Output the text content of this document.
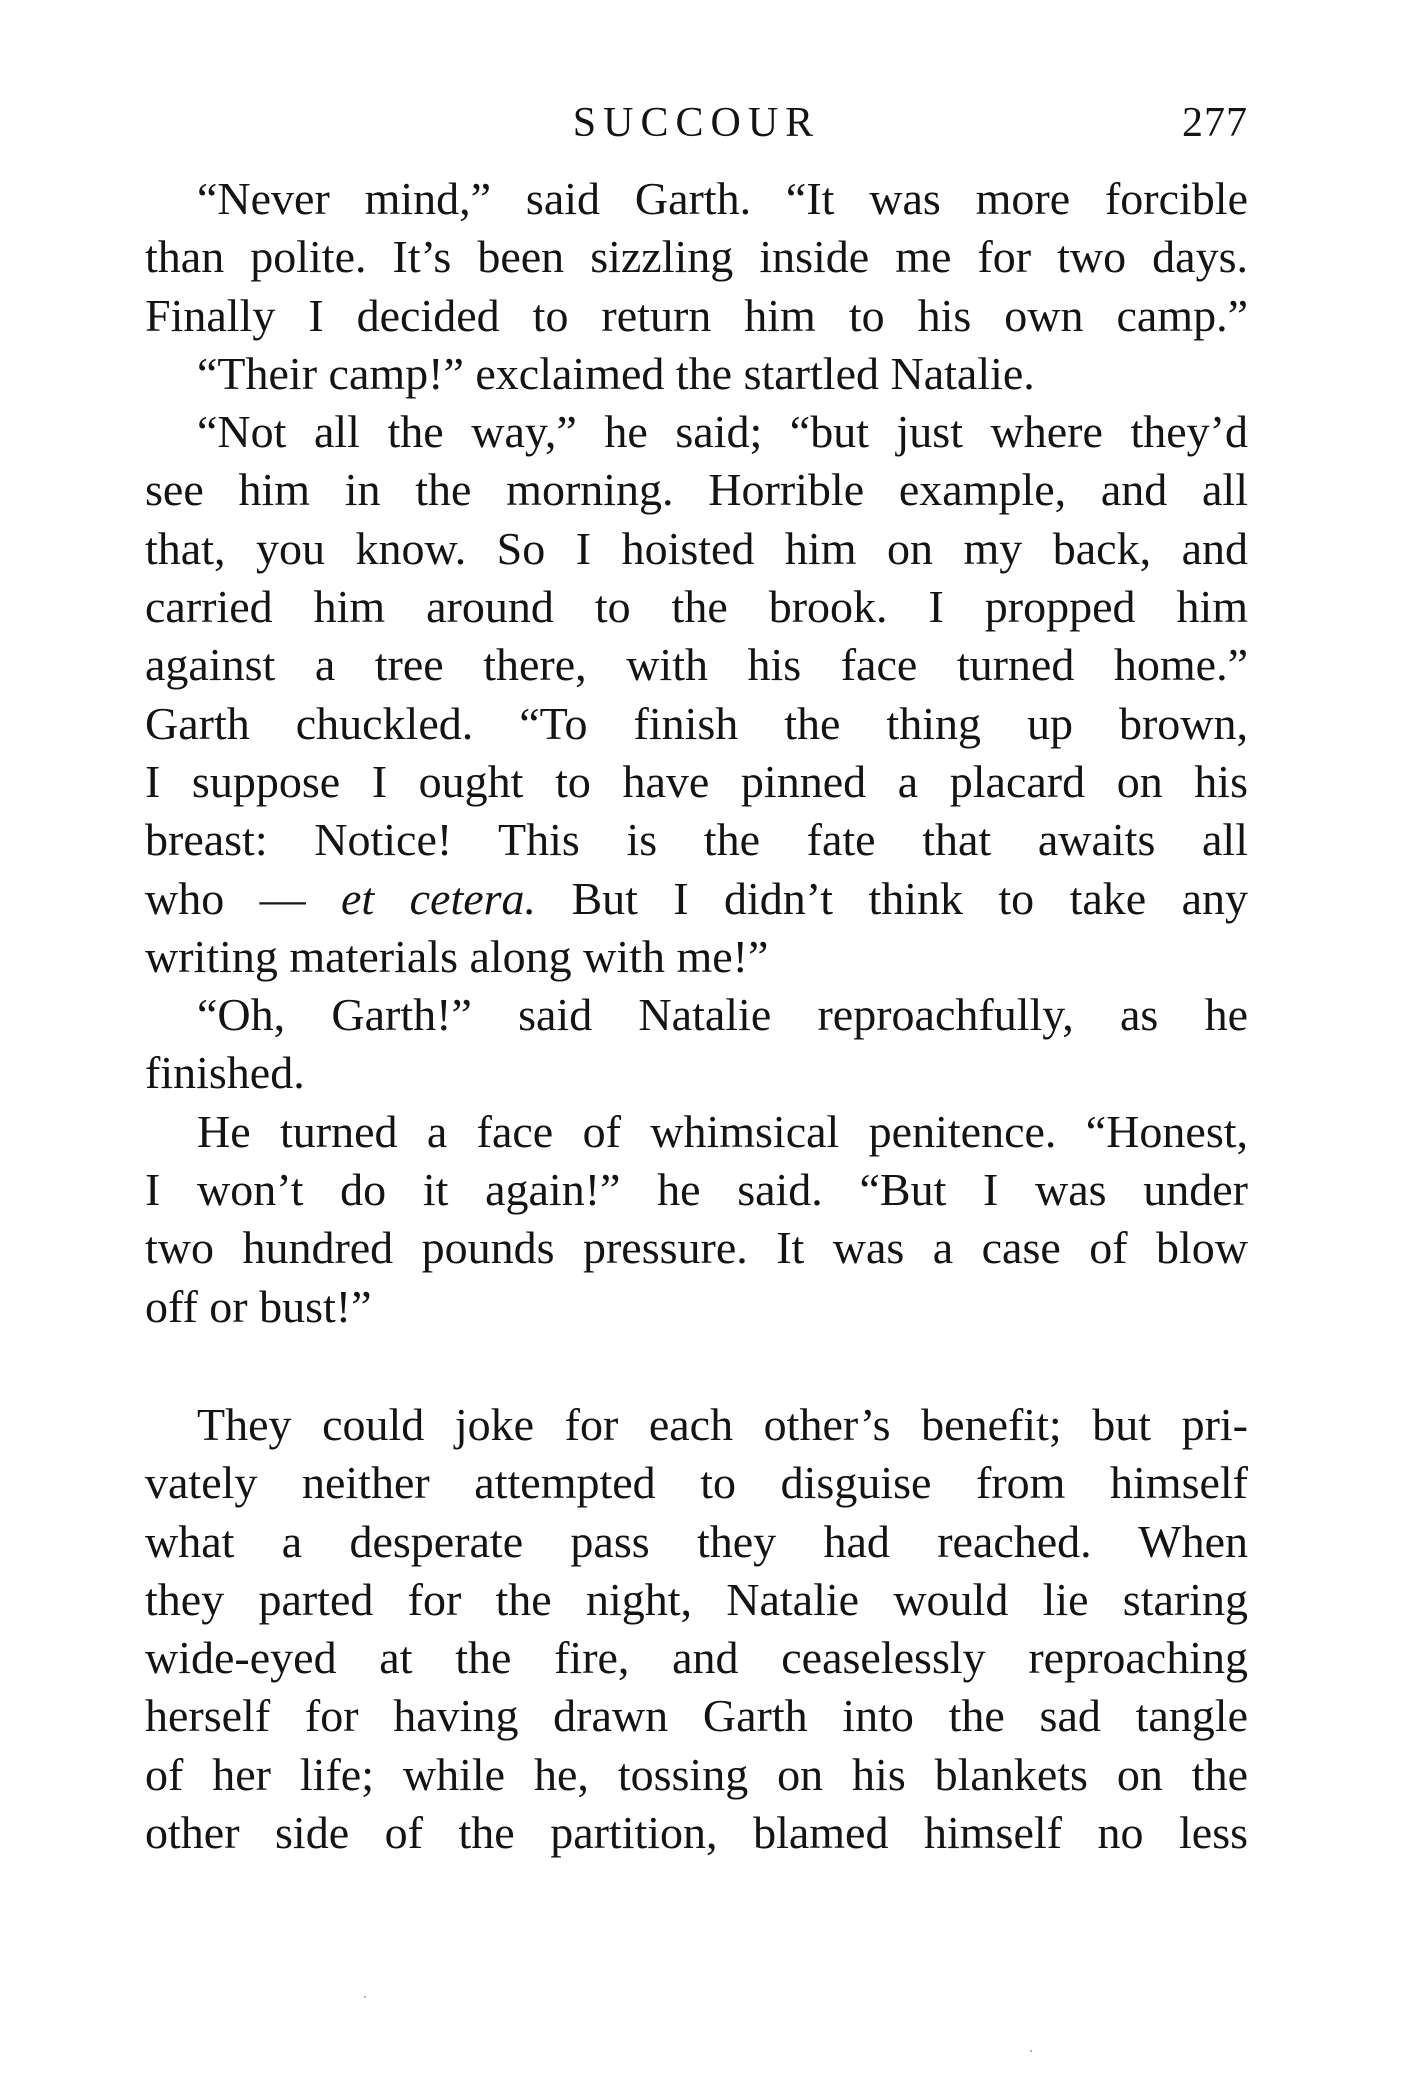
SUCCOUR	277
“Never mind,” said Garth. “It was more forcible
than polite. It’s been sizzling inside me for two days.
Finally I decided to return him to his own camp.”
“Their camp!” exclaimed the startled Natalie.
“Not all the way,” he said; “but just where they’d
see him in the morning. Horrible example, and all
that, you know. So I hoisted him on my back, and
carried him around to the brook. I propped him
against a tree there, with his face turned home.”
Garth chuckled. “To finish the thing up brown,
I suppose I ought to have pinned a placard on his
breast: Notice! This is the fate that awaits all
who — et cetera. But I didn’t think to take any
writing materials along with me!”
“Oh, Garth!” said Natalie reproachfully, as he
finished.
He turned a face of whimsical penitence. “Honest,
I won’t do it again!” he said. “But I was under
two hundred pounds pressure. It was a case of blow
off or bust!”
They could joke for each other’s benefit; but pri-
vately neither attempted to disguise from himself
what a desperate pass they had reached. When
they parted for the night, Natalie would lie staring
wide-eyed at the fire, and ceaselessly reproaching
herself for having drawn Garth into the sad tangle
of her life; while he, tossing on his blankets on the
other side of the partition, blamed himself no less
